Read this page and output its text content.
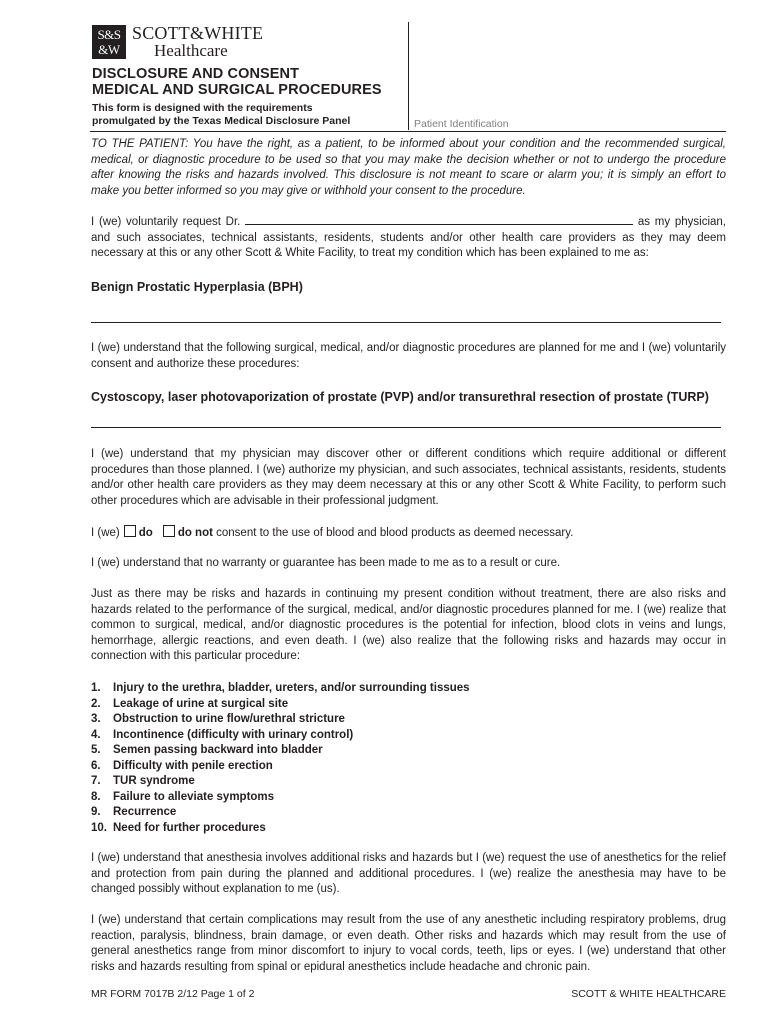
S&S
&W
SCOTT&WHITE
Healthcare
DISCLOSURE AND CONSENT
MEDICAL AND SURGICAL PROCEDURES
This form is designed with the requirements
promulgated by the Texas Medical Disclosure Panel	Patient Identification
TO THE PATIENT: You have the right, as a patient, to be informed about your condition and the recommended surgical, medical, or diagnostic procedure to be used so that you may make the decision whether or not to undergo the procedure after knowing the risks and hazards involved. This disclosure is not meant to scare or alarm you; it is simply an effort to make you better informed so you may give or withhold your consent to the procedure.
I (we) voluntarily request Dr.	as my physician, and such associates, technical assistants, residents, students and/or other health care providers as they may deem necessary at this or any other Scott & White Facility, to treat my condition which has been explained to me as:
Benign Prostatic Hyperplasia (BPH)
I (we) understand that the following surgical, medical, and/or diagnostic procedures are planned for me and I (we) voluntarily consent and authorize these procedures:
Cystoscopy, laser photovaporization of prostate (PVP) and/or transurethral resection of prostate (TURP)
I (we) understand that my physician may discover other or different conditions which require additional or different procedures than those planned. I (we) authorize my physician, and such associates, technical assistants, residents, students and/or other health care providers as they may deem necessary at this or any other Scott & White Facility, to perform such other procedures which are advisable in their professional judgment.
I (we) do do not consent to the use of blood and blood products as deemed necessary.
I (we) understand that no warranty or guarantee has been made to me as to a result or cure.
Just as there may be risks and hazards in continuing my present condition without treatment, there are also risks and hazards related to the performance of the surgical, medical, and/or diagnostic procedures planned for me. I (we) realize that common to surgical, medical, and/or diagnostic procedures is the potential for infection, blood clots in veins and lungs, hemorrhage, allergic reactions, and even death. I (we) also realize that the following risks and hazards may occur in connection with this particular procedure:
1.	Injury to the urethra, bladder, ureters, and/or surrounding tissues
2.	Leakage of urine at surgical site
3.	Obstruction to urine flow/urethral stricture
4.	Incontinence (difficulty with urinary control)
5.	Semen passing backward into bladder
6.	Difficulty with penile erection
7.	TUR syndrome
8.	Failure to alleviate symptoms
9.	Recurrence
10. Need for further procedures
I (we) understand that anesthesia involves additional risks and hazards but I (we) request the use of anesthetics for the relief and protection from pain during the planned and additional procedures. I (we) realize the anesthesia may have to be changed possibly without explanation to me (us).
I (we) understand that certain complications may result from the use of any anesthetic including respiratory problems, drug reaction, paralysis, blindness, brain damage, or even death. Other risks and hazards which may result from the use of general anesthetics range from minor discomfort to injury to vocal cords, teeth, lips or eyes. I (we) understand that other risks and hazards resulting from spinal or epidural anesthetics include headache and chronic pain.
MR FORM 7017B 2/12 Page 1 of 2	SCOTT & WHITE HEALTHCARE
